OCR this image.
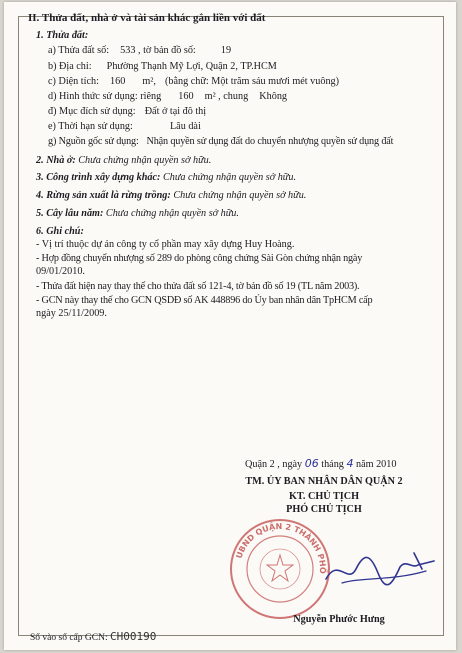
II. Thửa đất, nhà ở và tài sản khác gắn liền với đất
1. Thửa đất:
a) Thửa đất số: 533 , tờ bản đồ số: 19
b) Địa chỉ: Phường Thạnh Mỹ Lợi, Quận 2, TP.HCM
c) Diện tích: 160 m², (bằng chữ: Một trăm sáu mươi mét vuông)
d) Hình thức sử dụng: riêng 160 m² , chung Không
đ) Mục đích sử dụng: Đất ở tại đô thị
e) Thời hạn sử dụng:	Lâu dài
g) Nguồn gốc sử dụng: Nhận quyền sử dụng đất do chuyển nhượng quyền sử dụng đất
2. Nhà ở: Chưa chứng nhận quyền sở hữu.
3. Công trình xây dựng khác: Chưa chứng nhận quyền sở hữu.
4. Rừng sản xuất là rừng trồng: Chưa chứng nhận quyền sở hữu.
5. Cây lâu năm: Chưa chứng nhận quyền sở hữu.
6. Ghi chú:
- Vị trí thuộc dự án công ty cổ phần may xây dựng Huy Hoàng.
- Hợp đồng chuyển nhượng số 289 do phòng công chứng Sài Gòn chứng nhận ngày
09/01/2010.
- Thửa đất hiện nay thay thế cho thửa đất số 121-4, tờ bản đồ số 19 (TL năm 2003).
- GCN này thay thế cho GCN QSDĐ số AK 448896 do Ủy ban nhân dân TpHCM cấp
ngày 25/11/2009.
Quận 2 , ngày 06 tháng 4 năm 2010
TM. ỦY BAN NHÂN DÂN QUẬN 2
KT. CHỦ TỊCH
PHÓ CHỦ TỊCH
UBND QUẬN 2 THÀNH PHỐ
Nguyễn Phước Hưng
Số vào sổ cấp GCN: CH00190
